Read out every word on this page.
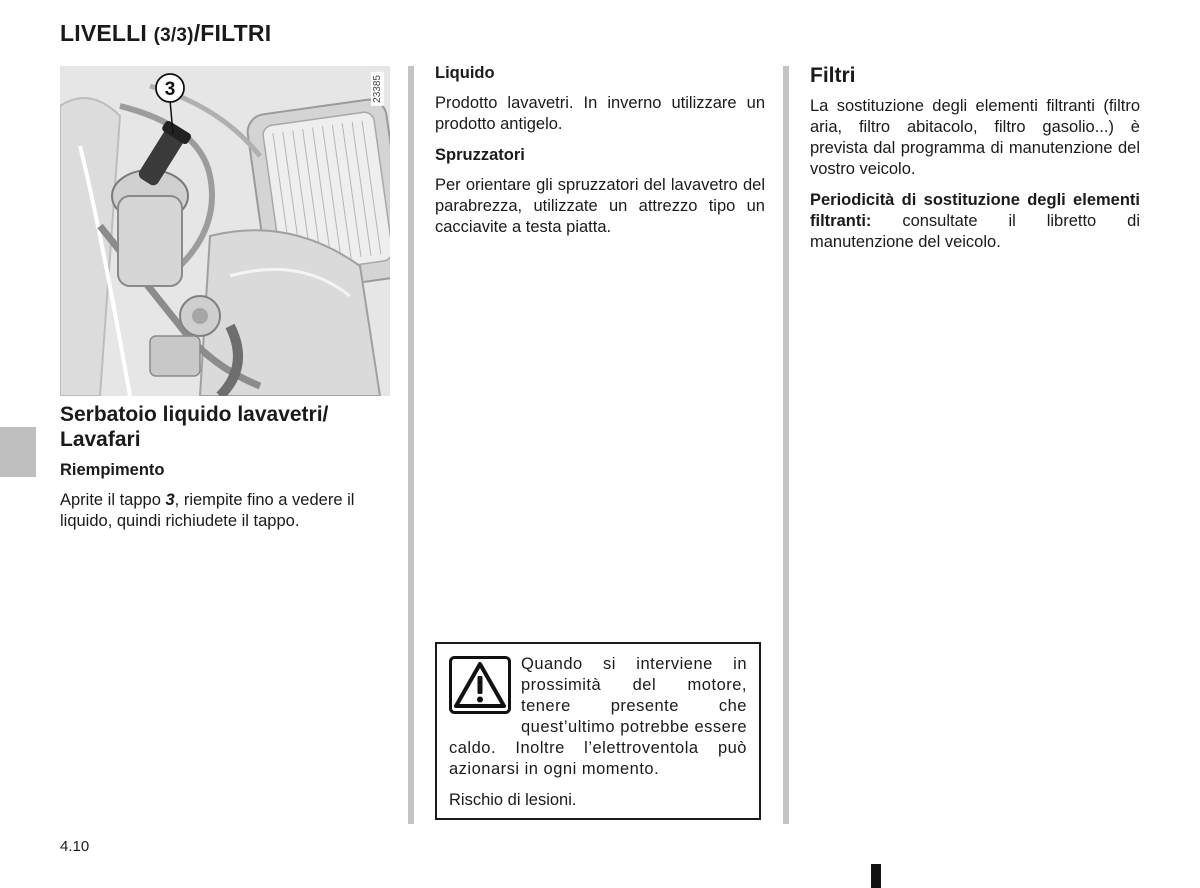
LIVELLI (3/3)/FILTRI
3	23385
Serbatoio liquido lavavetri/ Lavafari
Riempimento

Aprite il tappo 3, riempite fino a vedere il liquido, quindi richiudete il tappo.

Liquido

Prodotto lavavetri. In inverno utilizzare un prodotto antigelo.

Spruzzatori

Per orientare gli spruzzatori del lavavetro del parabrezza, utilizzate un attrezzo tipo un cacciavite a testa piatta.

Quando si interviene in prossimità del motore, tenere presente che quest’ultimo potrebbe essere caldo. Inoltre l’elettroventola può azionarsi in ogni momento.

Rischio di lesioni.

Filtri

La sostituzione degli elementi filtranti (filtro aria, filtro abitacolo, filtro gasolio...) è prevista dal programma di manutenzione del vostro veicolo.

Periodicità di sostituzione degli elementi filtranti: consultate il libretto di manutenzione del veicolo.

4.10
